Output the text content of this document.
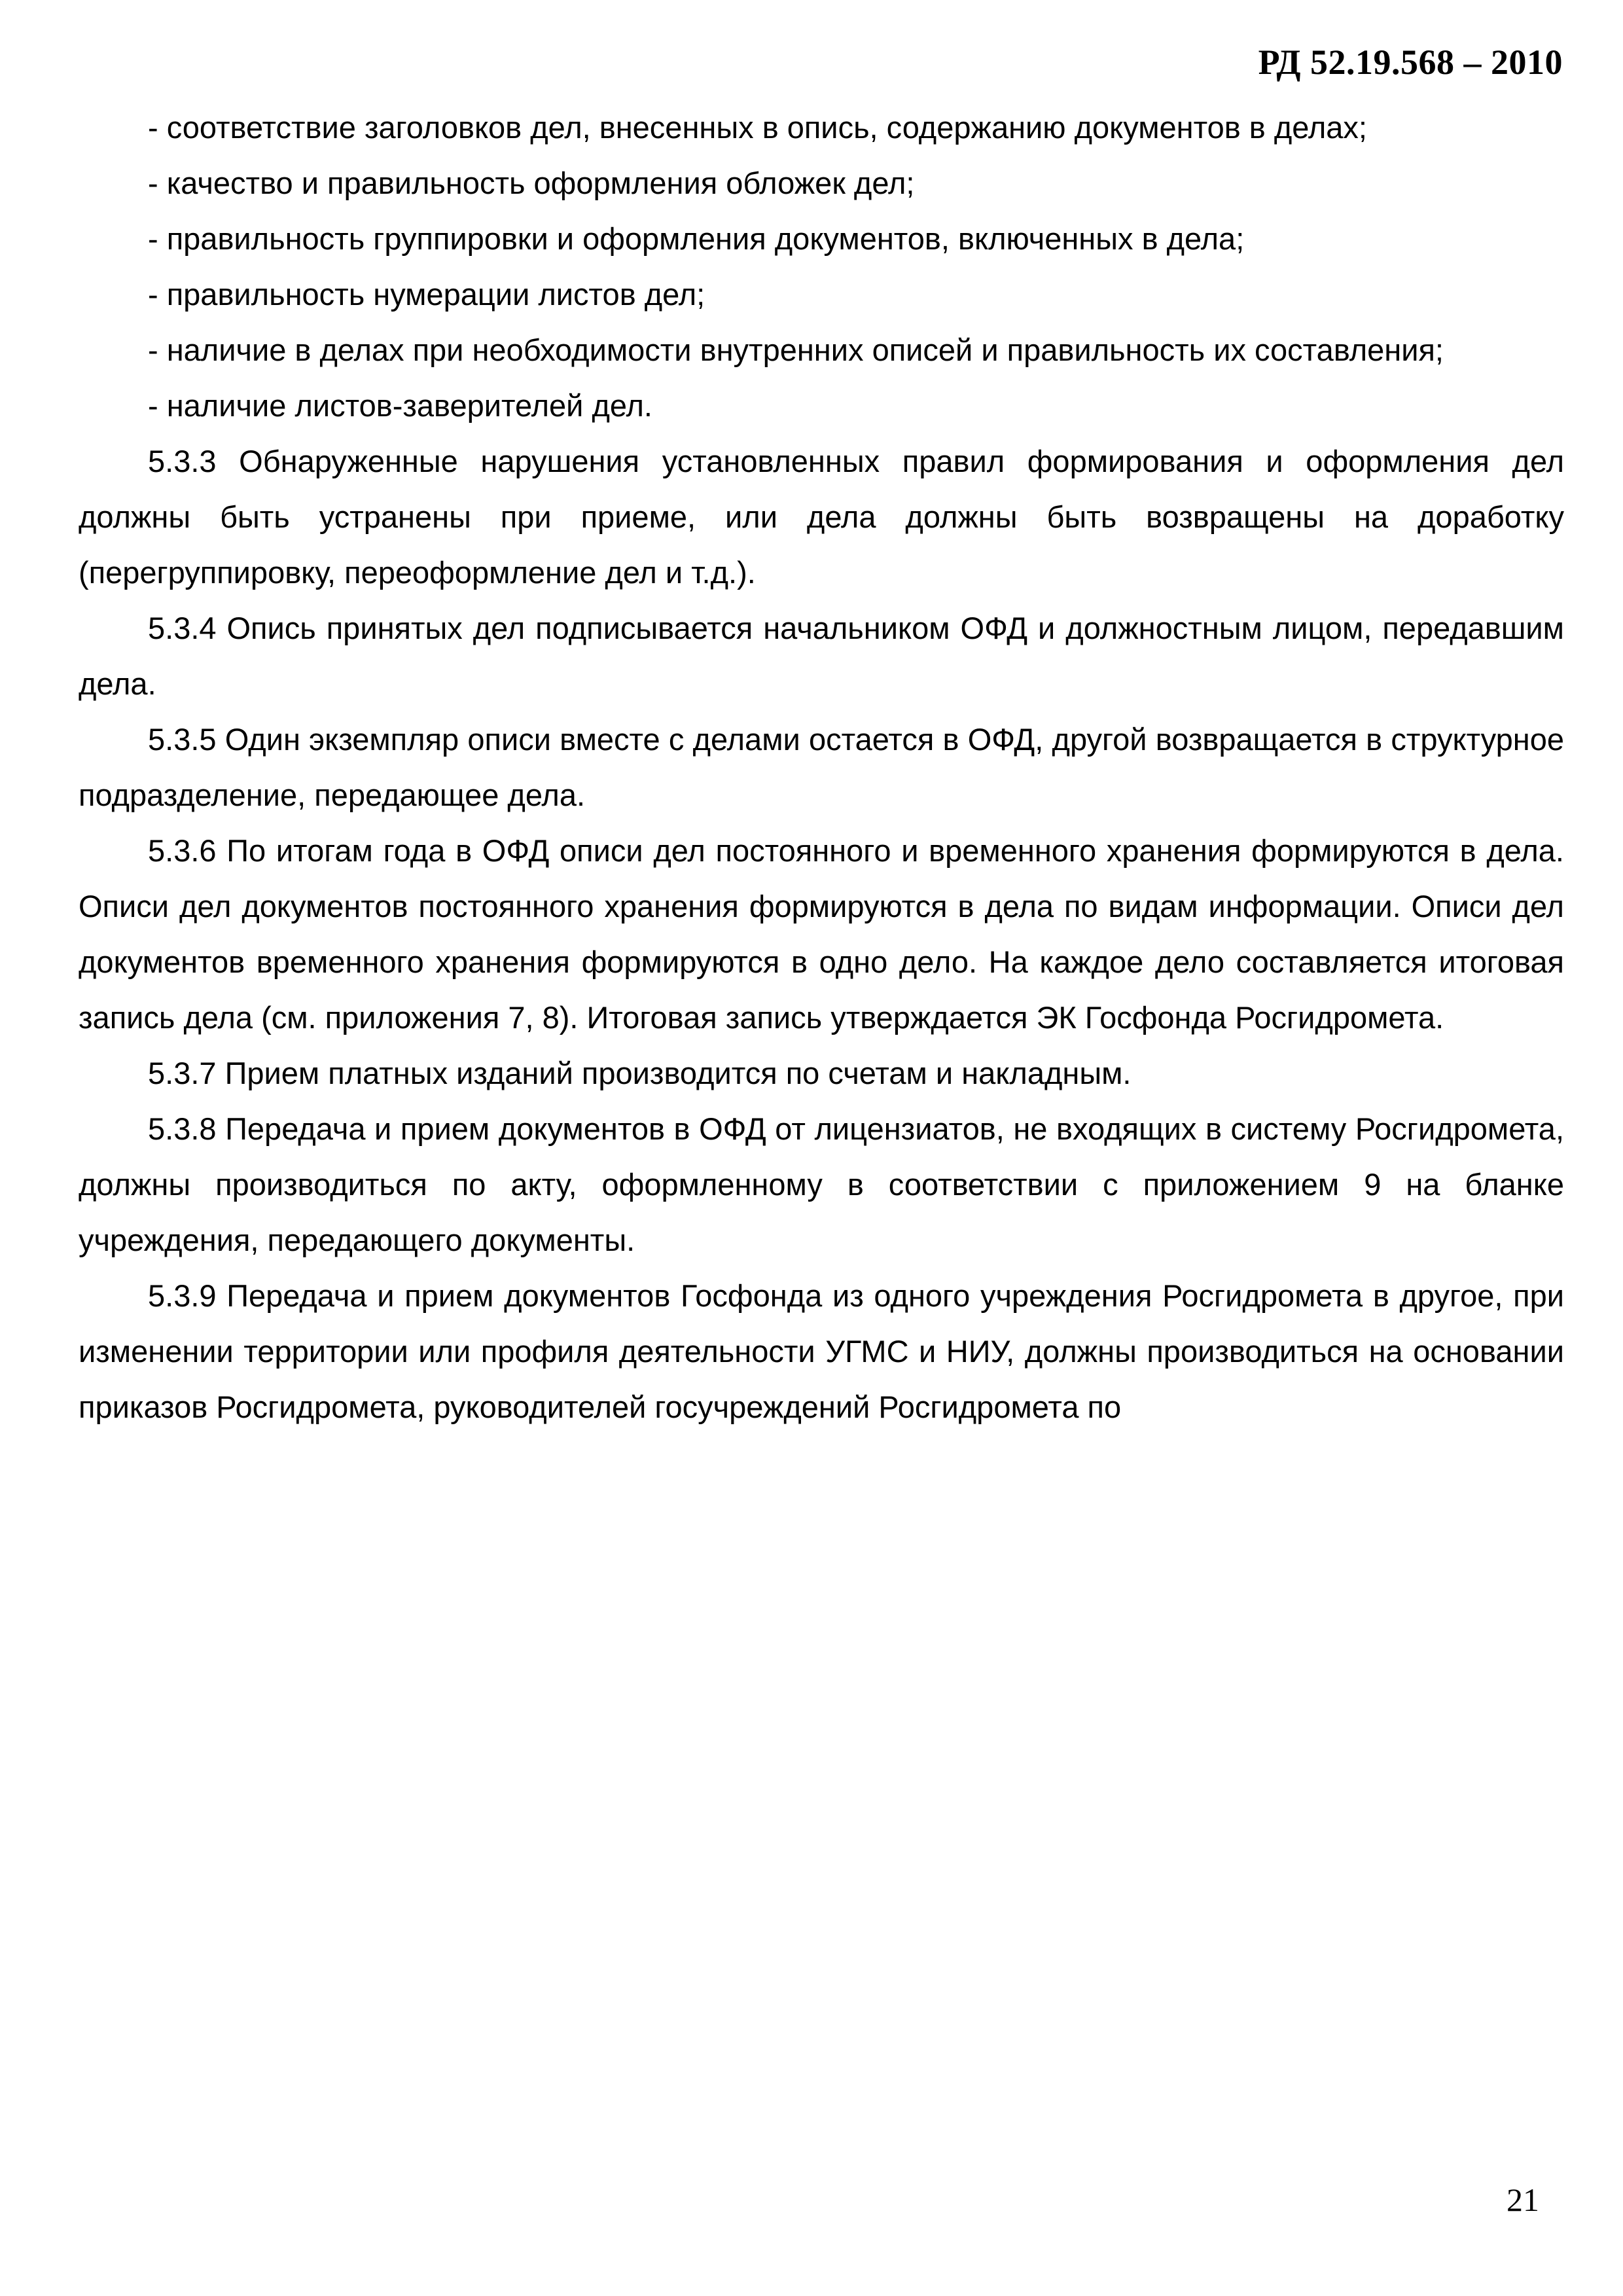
РД 52.19.568 – 2010

- соответствие заголовков дел, внесенных в опись, содержанию документов в делах;

- качество и правильность оформления обложек дел;

- правильность группировки и оформления документов, включенных в дела;

- правильность нумерации листов дел;

- наличие в делах при необходимости внутренних описей и правильность их составления;

- наличие листов-заверителей дел.

5.3.3 Обнаруженные нарушения установленных правил формирования и оформления дел должны быть устранены при приеме, или дела должны быть возвращены на доработку (перегруппировку, переоформление дел и т.д.).

5.3.4 Опись принятых дел подписывается начальником ОФД и должностным лицом, передавшим дела.

5.3.5 Один экземпляр описи вместе с делами остается в ОФД, другой возвращается в структурное подразделение, передающее дела.

5.3.6 По итогам года в ОФД описи дел постоянного и временного хранения формируются в дела. Описи дел документов постоянного хранения формируются в дела по видам информации. Описи дел документов временного хранения формируются в одно дело. На каждое дело составляется итоговая запись дела (см. приложения 7, 8). Итоговая запись утверждается ЭК Госфонда Росгидромета.

5.3.7 Прием платных изданий производится по счетам и накладным.

5.3.8 Передача и прием документов в ОФД от лицензиатов, не входящих в систему Росгидромета, должны производиться по акту, оформленному в соответствии с приложением 9 на бланке учреждения, передающего документы.

5.3.9 Передача и прием документов Госфонда из одного учреждения Росгидромета в другое, при изменении территории или профиля деятельности УГМС и НИУ, должны производиться на основании приказов Росгидромета, руководителей госучреждений Росгидромета по

21
